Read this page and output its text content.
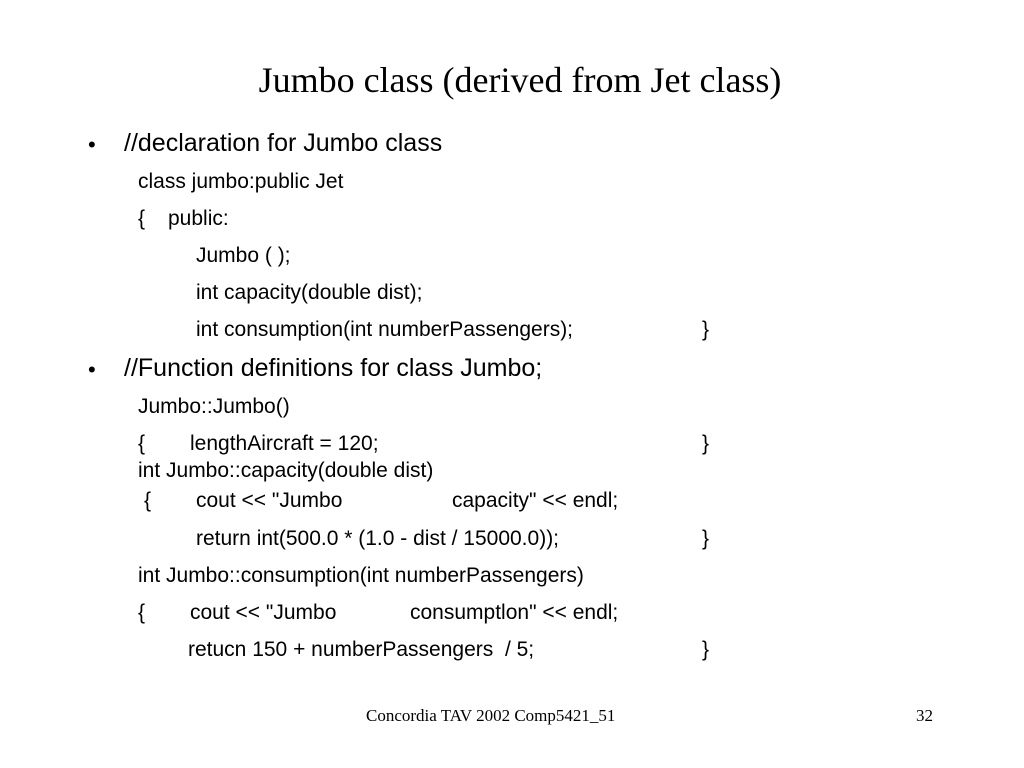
Jumbo class (derived from Jet class)
• //declaration for Jumbo class
class jumbo:public Jet
{ public:
Jumbo ( );
int capacity(double dist);
int consumption(int numberPassengers);	}
• //Function definitions for class Jumbo;
Jumbo::Jumbo()
{ lengthAircraft = 120;	}
int Jumbo::capacity(double dist)
{ cout << "Jumbo	capacity" << endl;
return int(500.0 * (1.0 - dist / 15000.0));	}
int Jumbo::consumption(int numberPassengers)
{ cout << "Jumbo	consumptlon" << endl;
retucn 150 + numberPassengers  / 5;	}
Concordia TAV 2002 Comp5421_51	32
